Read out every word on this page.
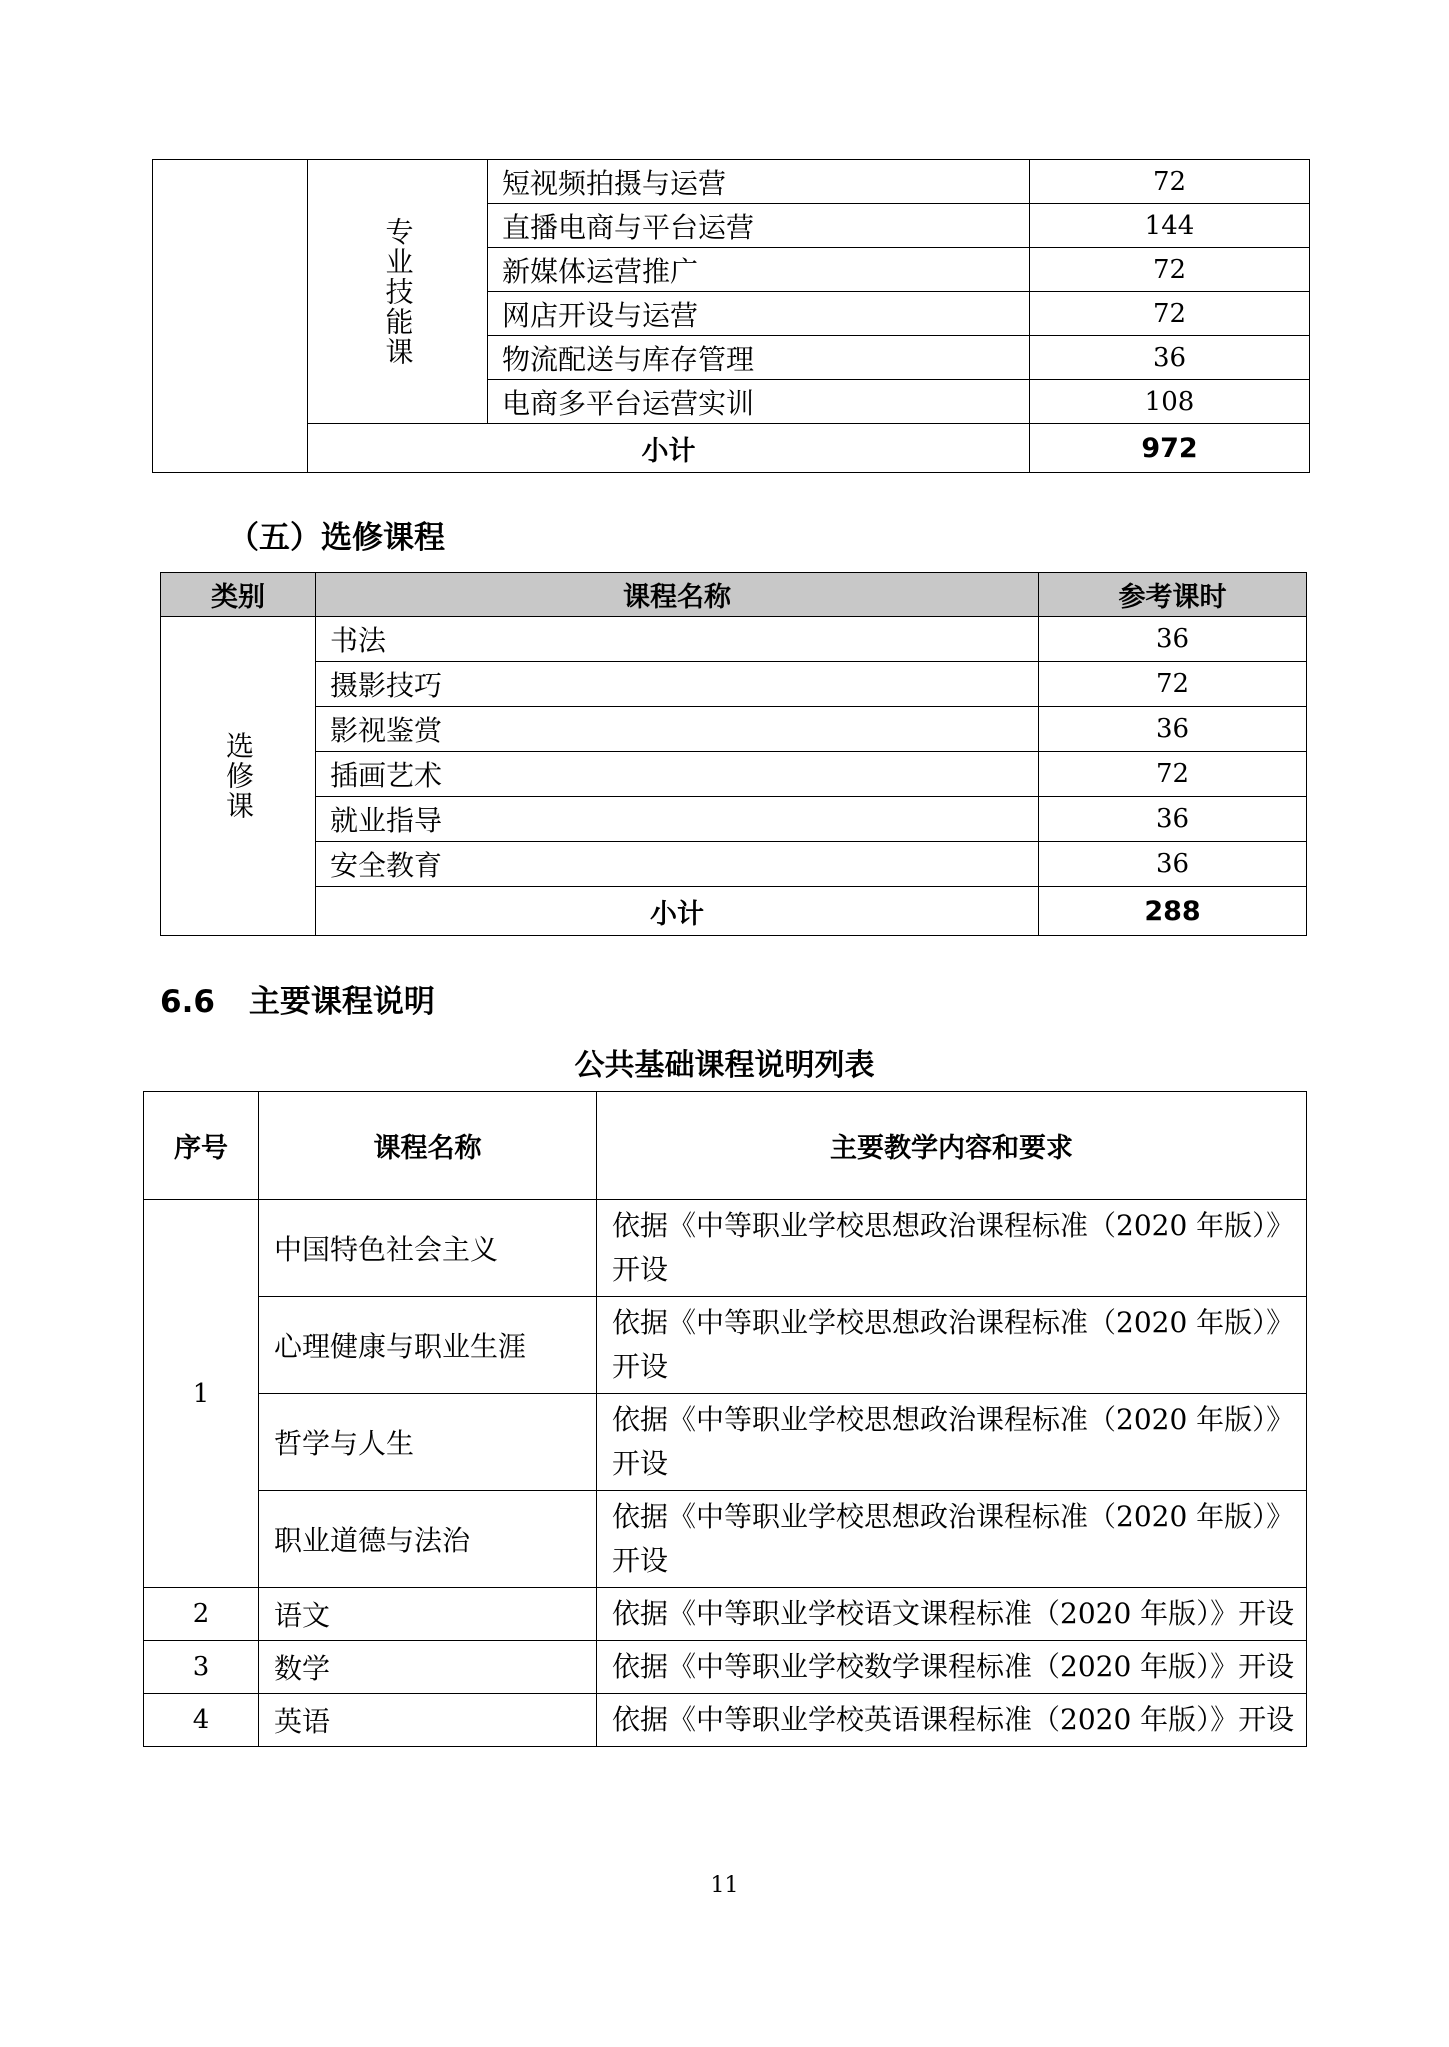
	专业技能课	短视频拍摄与运营	72
		直播电商与平台运营	144
		新媒体运营推广	72
		网店开设与运营	72
		物流配送与库存管理	36
		电商多平台运营实训	108
	小计		972
（五）选修课程
类别	课程名称	参考课时

选修课	书法	36
	摄影技巧	72
	影视鉴赏	36
	插画艺术	72
	就业指导	36
	安全教育	36
	小计	288
6.6 主要课程说明
公共基础课程说明列表
序号	课程名称	主要教学内容和要求
1	中国特色社会主义	依据《中等职业学校思想政治课程标准（2020 年版）》开设
	心理健康与职业生涯	依据《中等职业学校思想政治课程标准（2020 年版）》开设
	哲学与人生	依据《中等职业学校思想政治课程标准（2020 年版）》开设
	职业道德与法治	依据《中等职业学校思想政治课程标准（2020 年版）》开设
2	语文	依据《中等职业学校语文课程标准（2020 年版）》开设
3	数学	依据《中等职业学校数学课程标准（2020 年版）》开设
4	英语	依据《中等职业学校英语课程标准（2020 年版）》开设
11
